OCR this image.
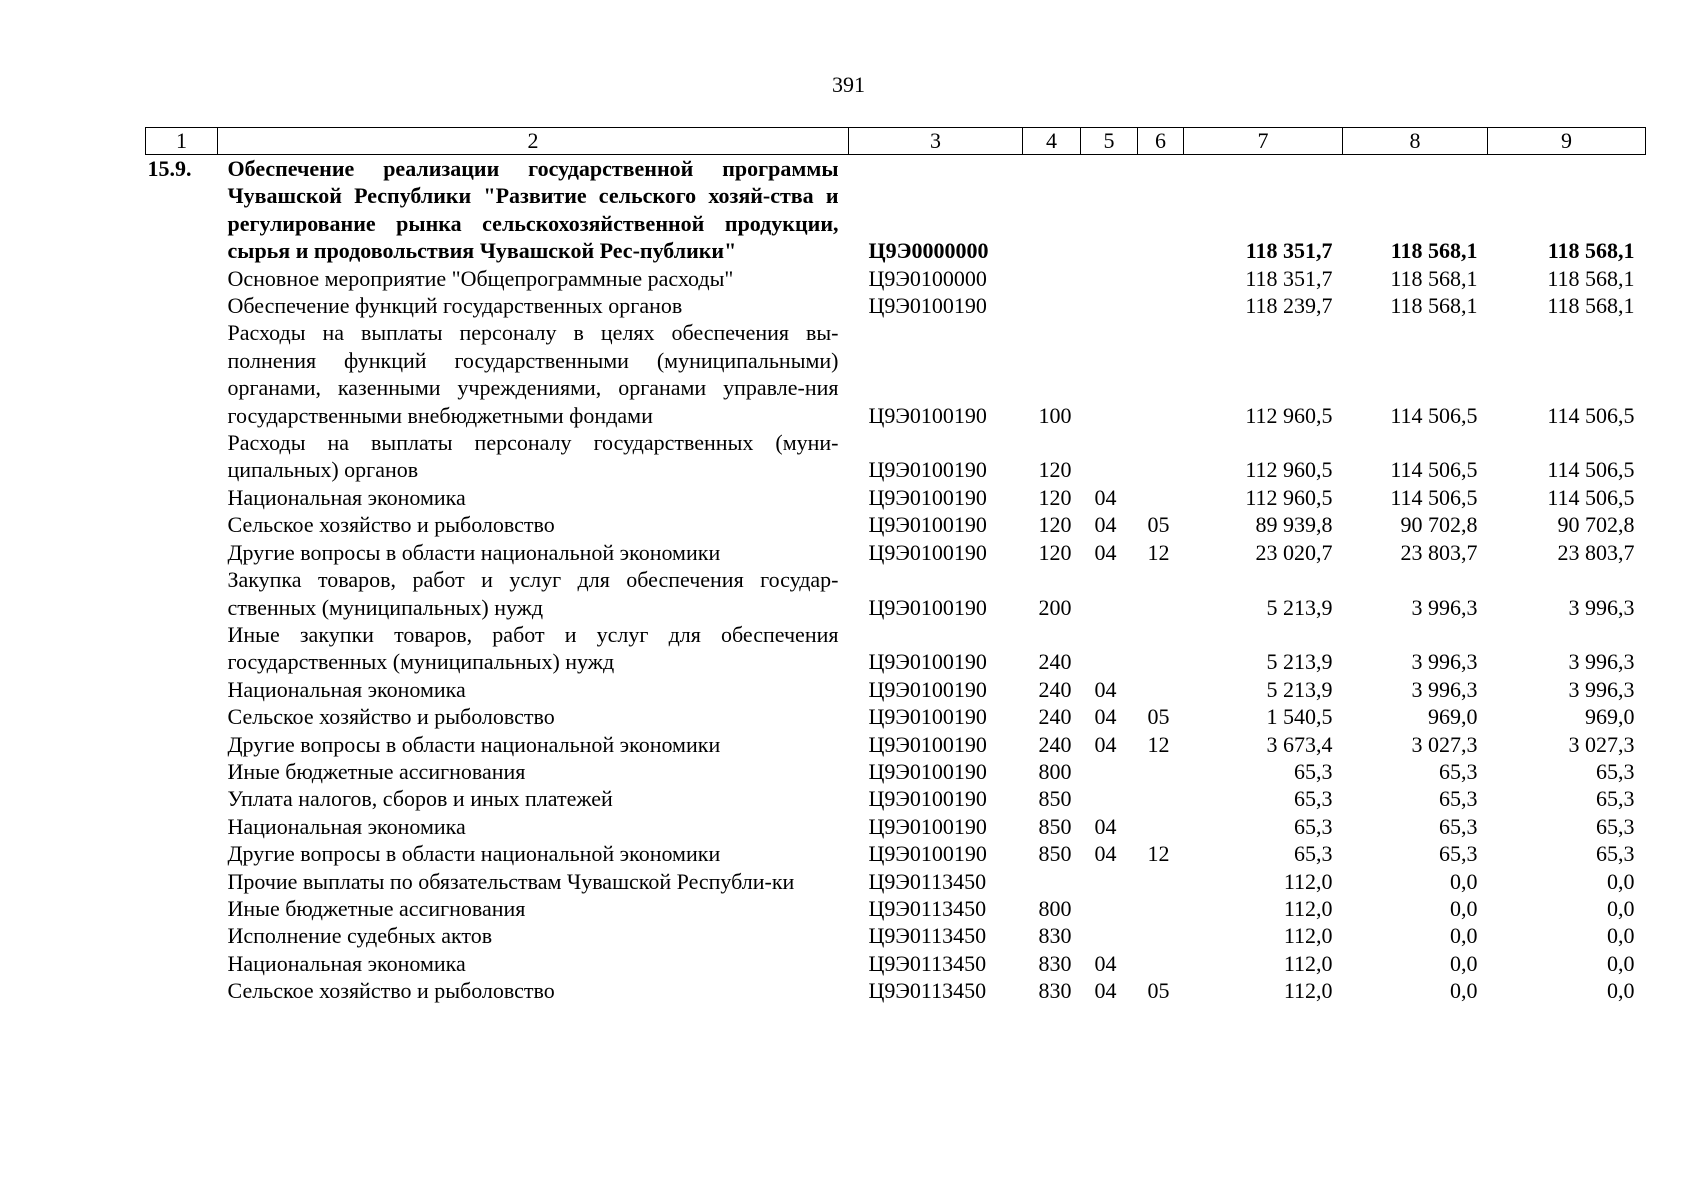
391
1	2	3	4	5	6	7	8	9
15.9.	Обеспечение реализации государственной программы Чувашской Республики "Развитие сельского хозяй-ства и регулирование рынка сельскохозяйственной продукции, сырья и продовольствия Чувашской Рес-публики"	Ц9Э0000000				118 351,7	118 568,1	118 568,1
	Основное мероприятие "Общепрограммные расходы"	Ц9Э0100000				118 351,7	118 568,1	118 568,1
	Обеспечение функций государственных органов	Ц9Э0100190				118 239,7	118 568,1	118 568,1
	Расходы на выплаты персоналу в целях обеспечения вы-полнения функций государственными (муниципальными) органами, казенными учреждениями, органами управле-ния государственными внебюджетными фондами	Ц9Э0100190	100			112 960,5	114 506,5	114 506,5
	Расходы на выплаты персоналу государственных (муни-ципальных) органов	Ц9Э0100190	120			112 960,5	114 506,5	114 506,5
	Национальная экономика	Ц9Э0100190	120	04		112 960,5	114 506,5	114 506,5
	Сельское хозяйство и рыболовство	Ц9Э0100190	120	04	05	89 939,8	90 702,8	90 702,8
	Другие вопросы в области национальной экономики	Ц9Э0100190	120	04	12	23 020,7	23 803,7	23 803,7
	Закупка товаров, работ и услуг для обеспечения государ-ственных (муниципальных) нужд	Ц9Э0100190	200			5 213,9	3 996,3	3 996,3
	Иные закупки товаров, работ и услуг для обеспечения государственных (муниципальных) нужд	Ц9Э0100190	240			5 213,9	3 996,3	3 996,3
	Национальная экономика	Ц9Э0100190	240	04		5 213,9	3 996,3	3 996,3
	Сельское хозяйство и рыболовство	Ц9Э0100190	240	04	05	1 540,5	969,0	969,0
	Другие вопросы в области национальной экономики	Ц9Э0100190	240	04	12	3 673,4	3 027,3	3 027,3
	Иные бюджетные ассигнования	Ц9Э0100190	800			65,3	65,3	65,3
	Уплата налогов, сборов и иных платежей	Ц9Э0100190	850			65,3	65,3	65,3
	Национальная экономика	Ц9Э0100190	850	04		65,3	65,3	65,3
	Другие вопросы в области национальной экономики	Ц9Э0100190	850	04	12	65,3	65,3	65,3
	Прочие выплаты по обязательствам Чувашской Республи-ки	Ц9Э0113450				112,0	0,0	0,0
	Иные бюджетные ассигнования	Ц9Э0113450	800			112,0	0,0	0,0
	Исполнение судебных актов	Ц9Э0113450	830			112,0	0,0	0,0
	Национальная экономика	Ц9Э0113450	830	04		112,0	0,0	0,0
	Сельское хозяйство и рыболовство	Ц9Э0113450	830	04	05	112,0	0,0	0,0
